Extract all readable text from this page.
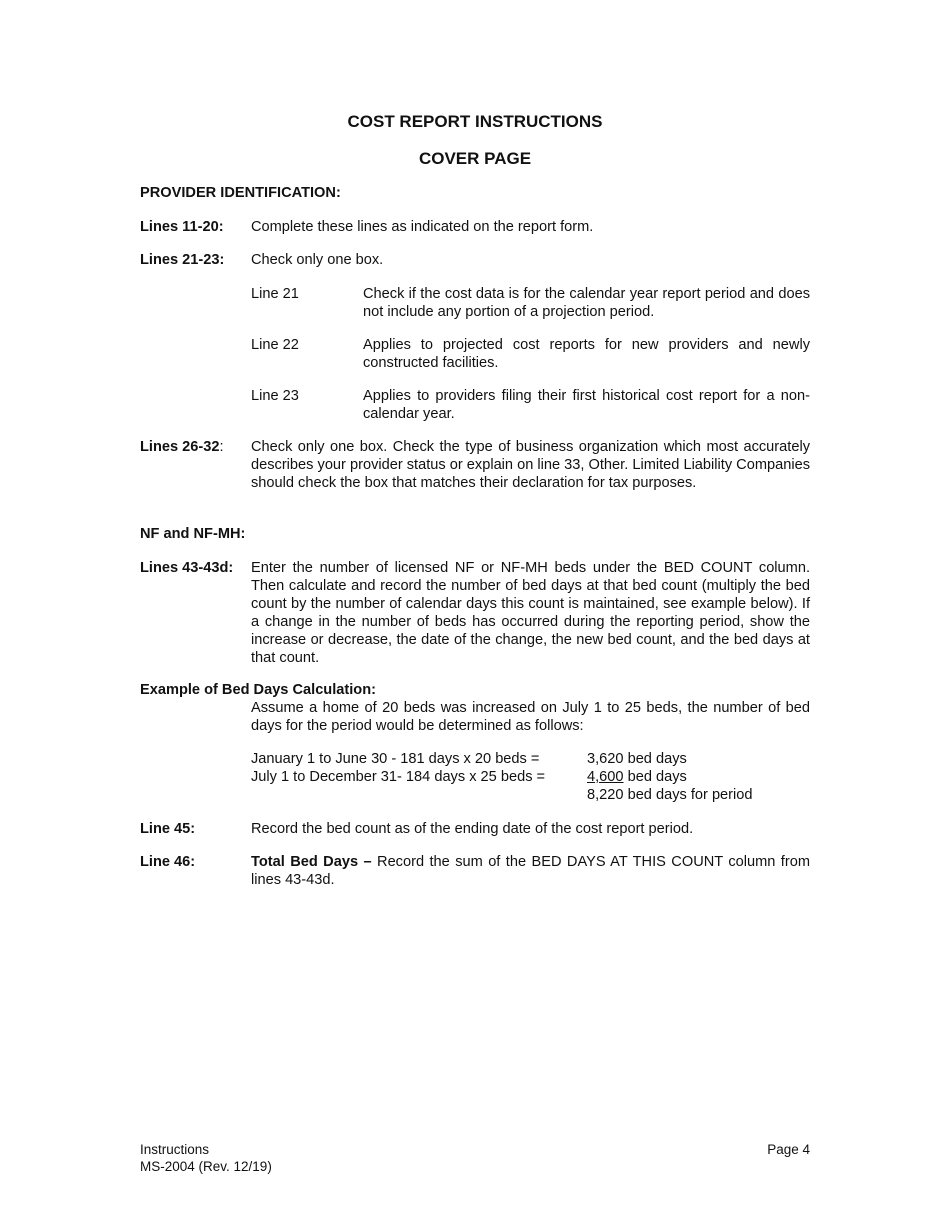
COST REPORT INSTRUCTIONS
COVER PAGE
PROVIDER IDENTIFICATION:
Lines 11-20: Complete these lines as indicated on the report form.
Lines 21-23: Check only one box.
Line 21	Check if the cost data is for the calendar year report period and does not include any portion of a projection period.
Line 22	Applies to projected cost reports for new providers and newly constructed facilities.
Line 23	Applies to providers filing their first historical cost report for a non-calendar year.
Lines 26-32: Check only one box. Check the type of business organization which most accurately describes your provider status or explain on line 33, Other. Limited Liability Companies should check the box that matches their declaration for tax purposes.
NF and NF-MH:
Lines 43-43d: Enter the number of licensed NF or NF-MH beds under the BED COUNT column. Then calculate and record the number of bed days at that bed count (multiply the bed count by the number of calendar days this count is maintained, see example below). If a change in the number of beds has occurred during the reporting period, show the increase or decrease, the date of the change, the new bed count, and the bed days at that count.
Example of Bed Days Calculation:
Assume a home of 20 beds was increased on July 1 to 25 beds, the number of bed days for the period would be determined as follows:
January 1 to June 30 - 181 days x 20 beds =	3,620 bed days
July 1 to December 31- 184 days x 25 beds =	4,600 bed days
8,220 bed days for period
Line 45:	Record the bed count as of the ending date of the cost report period.
Line 46:	Total Bed Days – Record the sum of the BED DAYS AT THIS COUNT column from lines 43-43d.
Instructions
MS-2004 (Rev. 12/19)
Page 4
